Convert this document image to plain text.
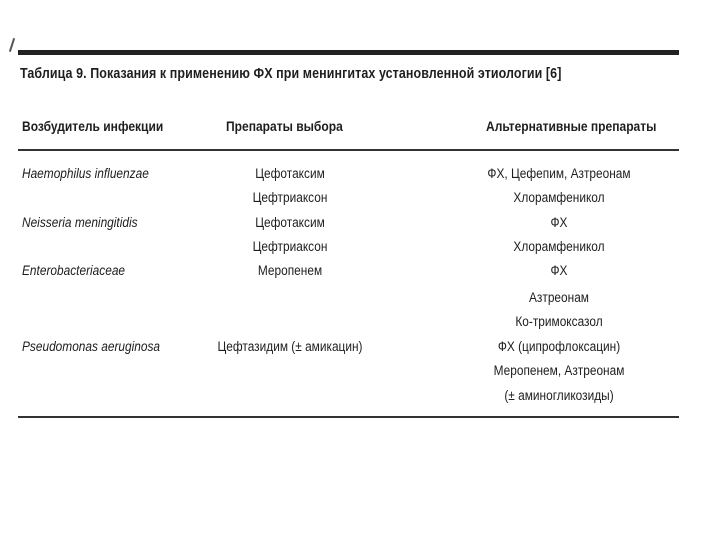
Таблица 9. Показания к применению ФХ при менингитах установленной этиологии [6]
Возбудитель инфекции	Препараты выбора	Альтернативные препараты
Haemophilus influenzae
Neisseria meningitidis
Enterobacteriaceae
Pseudomonas aeruginosa
Цефотаксим
Цефтриаксон
Цефотаксим
Цефтриаксон
Меропенем
Цефтазидим (± амикацин)
ФХ, Цефепим, Азтреонам
Хлорамфеникол
ФХ
Хлорамфеникол
ФХ
Азтреонам
Ко-тримоксазол
ФХ (ципрофлоксацин)
Меропенем, Азтреонам
(± аминогликозиды)
